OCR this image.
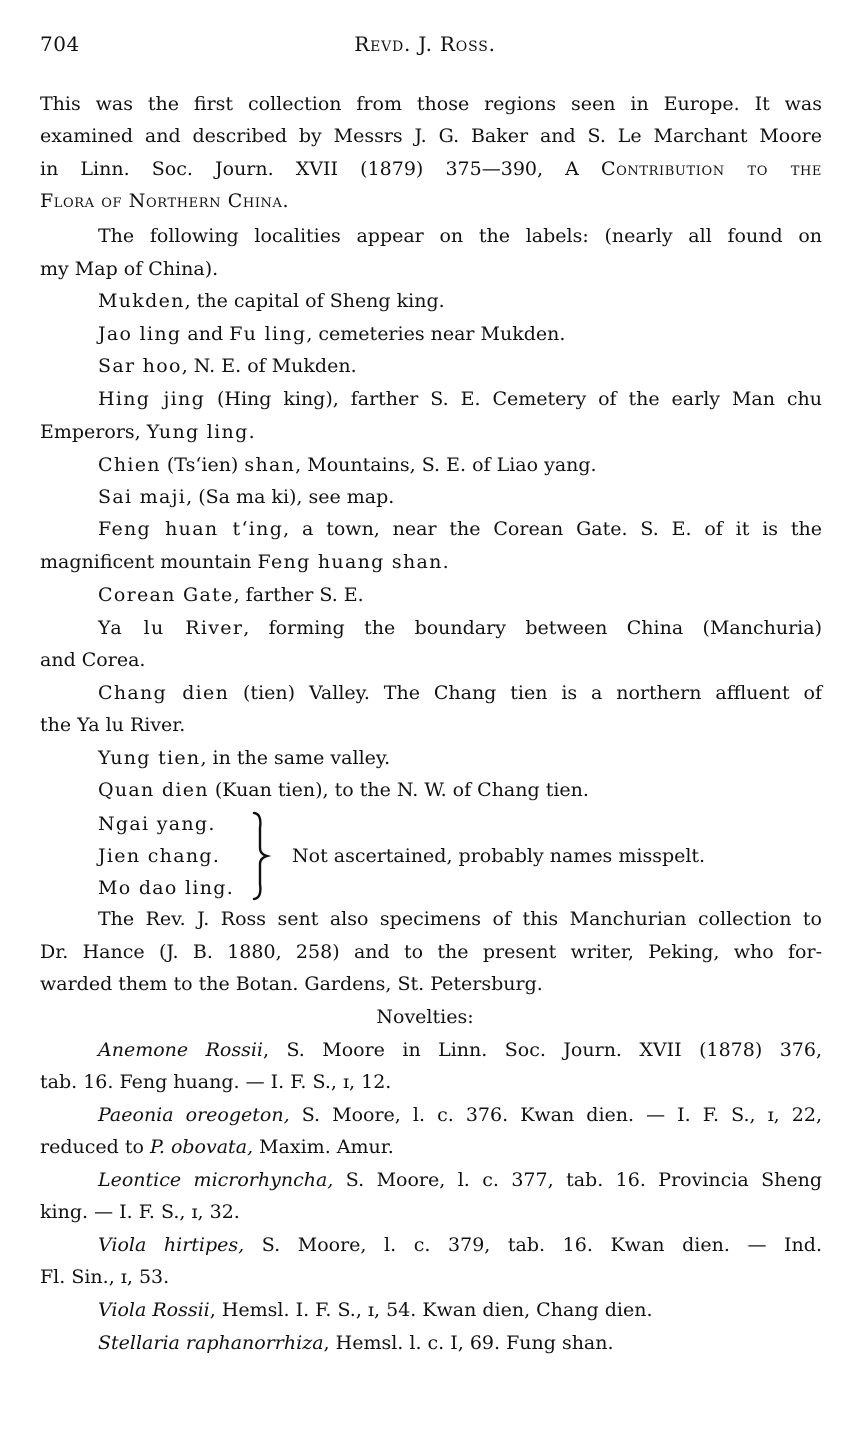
704	Revd. J. Ross.
This was the first collection from those regions seen in Europe. It was
examined and described by Messrs J. G. Baker and S. Le Marchant Moore
in Linn. Soc. Journ. XVII (1879) 375—390, A Contribution to the
Flora of Northern China.
The following localities appear on the labels: (nearly all found on
my Map of China).
Mukden, the capital of Sheng king.
Jao ling and Fu ling, cemeteries near Mukden.
Sar hoo, N. E. of Mukden.
Hing jing (Hing king), farther S. E. Cemetery of the early Man chu
Emperors, Yung ling.
Chien (Ts‘ien) shan, Mountains, S. E. of Liao yang.
Sai maji, (Sa ma ki), see map.
Feng huan t‘ing, a town, near the Corean Gate. S. E. of it is the
magnificent mountain Feng huang shan.
Corean Gate, farther S. E.
Ya lu River, forming the boundary between China (Manchuria)
and Corea.
Chang dien (tien) Valley. The Chang tien is a northern affluent of
the Ya lu River.
Yung tien, in the same valley.
Quan dien (Kuan tien), to the N. W. of Chang tien.
Ngai yang.
Jien chang.
Mo dao ling.
Not ascertained, probably names misspelt.
The Rev. J. Ross sent also specimens of this Manchurian collection to
Dr. Hance (J. B. 1880, 258) and to the present writer, Peking, who for-
warded them to the Botan. Gardens, St. Petersburg.
Novelties:
Anemone Rossii, S. Moore in Linn. Soc. Journ. XVII (1878) 376,
tab. 16. Feng huang. — I. F. S., ɪ, 12.
Paeonia oreogeton, S. Moore, l. c. 376. Kwan dien. — I. F. S., ɪ, 22,
reduced to P. obovata, Maxim. Amur.
Leontice microrhyncha, S. Moore, l. c. 377, tab. 16. Provincia Sheng
king. — I. F. S., ɪ, 32.
Viola hirtipes, S. Moore, l. c. 379, tab. 16. Kwan dien. — Ind.
Fl. Sin., ɪ, 53.
Viola Rossii, Hemsl. I. F. S., ɪ, 54. Kwan dien, Chang dien.
Stellaria raphanorrhiza, Hemsl. l. c. I, 69. Fung shan.
